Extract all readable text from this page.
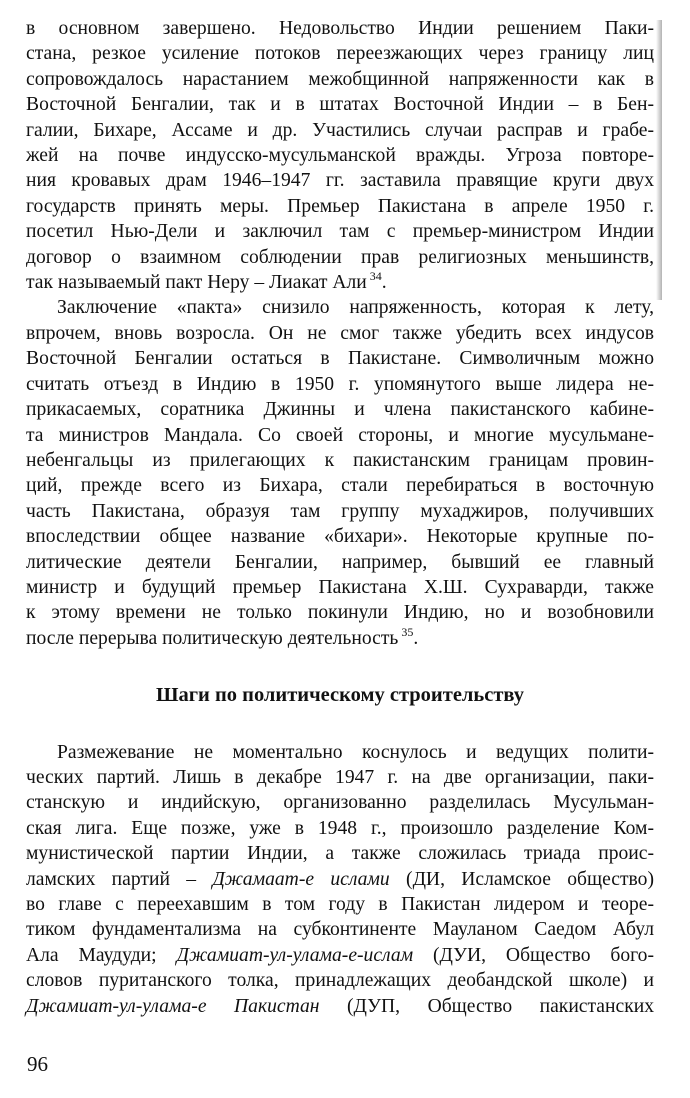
в основном завершено. Недовольство Индии решением Паки-
стана, резкое усиление потоков переезжающих через границу лиц
сопровождалось нарастанием межобщинной напряженности как в
Восточной Бенгалии, так и в штатах Восточной Индии – в Бен-
галии, Бихаре, Ассаме и др. Участились случаи расправ и грабе-
жей на почве индусско-мусульманской вражды. Угроза повторе-
ния кровавых драм 1946–1947 гг. заставила правящие круги двух
государств принять меры. Премьер Пакистана в апреле 1950 г.
посетил Нью-Дели и заключил там с премьер-министром Индии
договор о взаимном соблюдении прав религиозных меньшинств,
так называемый пакт Неру – Лиакат Али $^{34}$.

Заключение «пакта» снизило напряженность, которая к лету,
впрочем, вновь возросла. Он не смог также убедить всех индусов
Восточной Бенгалии остаться в Пакистане. Символичным можно
считать отъезд в Индию в 1950 г. упомянутого выше лидера не-
прикасаемых, соратника Джинны и члена пакистанского кабине-
та министров Мандала. Со своей стороны, и многие мусульмане-
небенгальцы из прилегающих к пакистанским границам провин-
ций, прежде всего из Бихара, стали перебираться в восточную
часть Пакистана, образуя там группу мухаджиров, получивших
впоследствии общее название «бихари». Некоторые крупные по-
литические деятели Бенгалии, например, бывший ее главный
министр и будущий премьер Пакистана Х.Ш. Сухраварди, также
к этому времени не только покинули Индию, но и возобновили
после перерыва политическую деятельность $^{35}$.

Шаги по политическому строительству

Размежевание не моментально коснулось и ведущих полити-
ческих партий. Лишь в декабре 1947 г. на две организации, паки-
станскую и индийскую, организованно разделилась Мусульман-
ская лига. Еще позже, уже в 1948 г., произошло разделение Ком-
мунистической партии Индии, а также сложилась триада проис-
ламских партий – Джамаат-е ислами (ДИ, Исламское общество)
во главе с переехавшим в том году в Пакистан лидером и теоре-
тиком фундаментализма на субконтиненте Мауланом Саедом Абул
Ала Маудуди; Джамиат-ул-улама-е-ислам (ДУИ, Общество бого-
словов пуританского толка, принадлежащих деобандской школе) и
Джамиат-ул-улама-е Пакистан (ДУП, Общество пакистанских

96
